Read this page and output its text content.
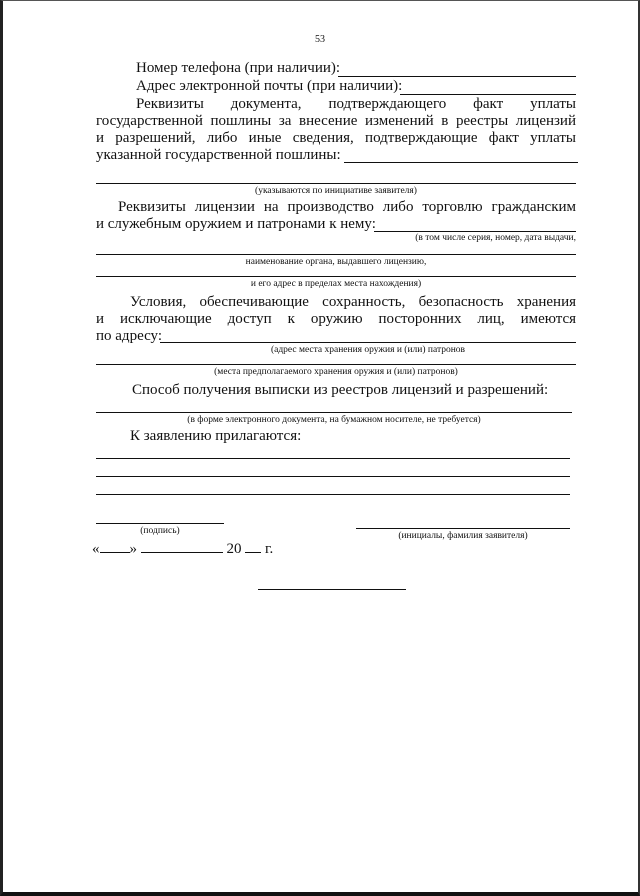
53
Номер телефона (при наличии):
Адрес электронной почты (при наличии):
Реквизиты документа, подтверждающего факт уплаты
государственной пошлины за внесение изменений в реестры лицензий
и разрешений, либо иные сведения, подтверждающие факт уплаты
указанной государственной пошлины:
(указываются по инициативе заявителя)
Реквизиты лицензии на производство либо торговлю гражданским
и служебным оружием и патронами к нему:
(в том числе серия, номер, дата выдачи,
наименование органа, выдавшего лицензию,
и его адрес в пределах места нахождения)
Условия, обеспечивающие сохранность, безопасность хранения
и исключающие доступ к оружию посторонних лиц, имеются
по адресу:
(адрес места хранения оружия и (или) патронов
(места предполагаемого хранения оружия и (или) патронов)
Способ получения выписки из реестров лицензий и разрешений:
(в форме электронного документа, на бумажном носителе, не требуется)
К заявлению прилагаются:
(подпись)	(инициалы, фамилия заявителя)
« »	20 г.
